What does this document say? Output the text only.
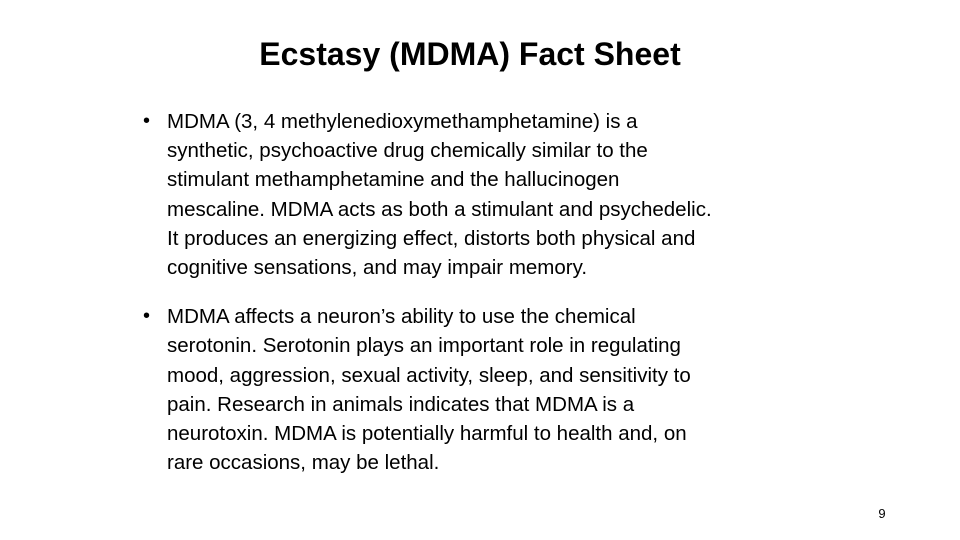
Ecstasy (MDMA) Fact Sheet
• MDMA (3, 4 methylenedioxymethamphetamine) is a
synthetic, psychoactive drug chemically similar to the
stimulant methamphetamine and the hallucinogen
mescaline. MDMA acts as both a stimulant and psychedelic.
It produces an energizing effect, distorts both physical and
cognitive sensations, and may impair memory.
• MDMA affects a neuron’s ability to use the chemical
serotonin. Serotonin plays an important role in regulating
mood, aggression, sexual activity, sleep, and sensitivity to
pain. Research in animals indicates that MDMA is a
neurotoxin. MDMA is potentially harmful to health and, on
rare occasions, may be lethal.
9
